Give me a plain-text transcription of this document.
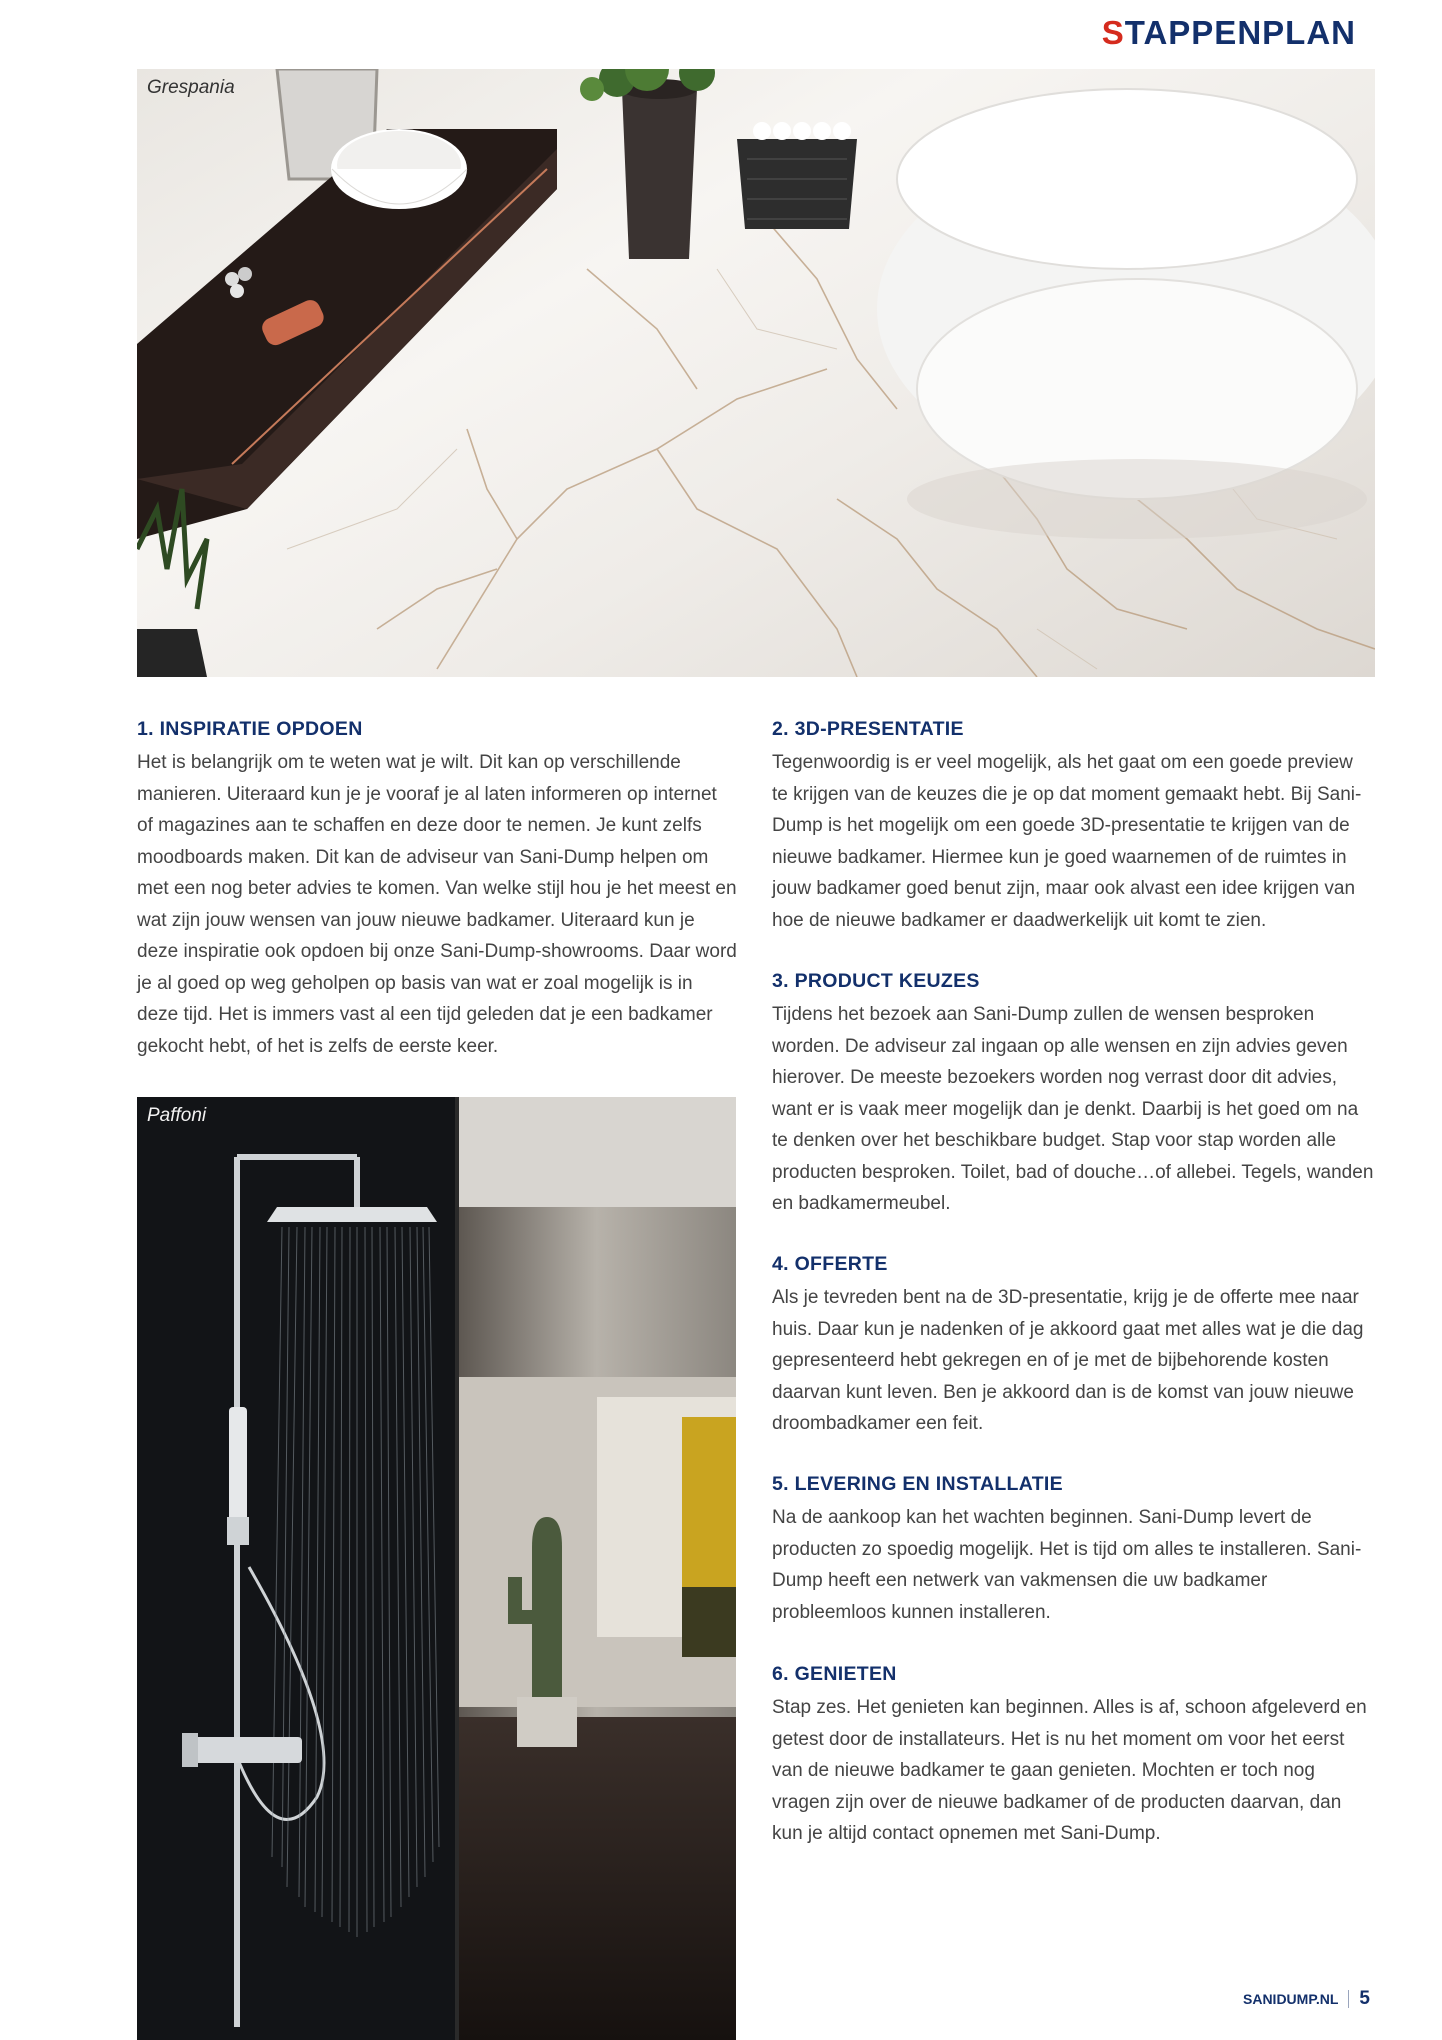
STAPPENPLAN
Grespania
Paffoni
1. INSPIRATIE OPDOEN

Het is belangrijk om te weten wat je wilt. Dit kan op verschillende manieren. Uiteraard kun je je vooraf je al laten informeren op internet of magazines aan te schaffen en deze door te nemen. Je kunt zelfs moodboards maken. Dit kan de adviseur van Sani-Dump helpen om met een nog beter advies te komen. Van welke stijl hou je het meest en wat zijn jouw wensen van jouw nieuwe badkamer. Uiteraard kun je deze inspiratie ook opdoen bij onze Sani-Dump-showrooms. Daar word je al goed op weg geholpen op basis van wat er zoal mogelijk is in deze tijd. Het is immers vast al een tijd geleden dat je een badkamer gekocht hebt, of het is zelfs de eerste keer.

2. 3D-PRESENTATIE

Tegenwoordig is er veel mogelijk, als het gaat om een goede preview te krijgen van de keuzes die je op dat moment gemaakt hebt. Bij Sani-Dump is het mogelijk om een goede 3D-presentatie te krijgen van de nieuwe badkamer. Hiermee kun je goed waarnemen of de ruimtes in jouw badkamer goed benut zijn, maar ook alvast een idee krijgen van hoe de nieuwe badkamer er daadwerkelijk uit komt te zien.

3. PRODUCT KEUZES

Tijdens het bezoek aan Sani-Dump zullen de wensen besproken worden. De adviseur zal ingaan op alle wensen en zijn advies geven hierover. De meeste bezoekers worden nog verrast door dit advies, want er is vaak meer mogelijk dan je denkt. Daarbij is het goed om na te denken over het beschikbare budget. Stap voor stap worden alle producten besproken. Toilet, bad of douche…of allebei. Tegels, wanden en badkamermeubel.

4. OFFERTE

Als je tevreden bent na de 3D-presentatie, krijg je de offerte mee naar huis. Daar kun je nadenken of je akkoord gaat met alles wat je die dag gepresenteerd hebt gekregen en of je met de bijbehorende kosten daarvan kunt leven. Ben je akkoord dan is de komst van jouw nieuwe droombadkamer een feit.

5. LEVERING EN INSTALLATIE

Na de aankoop kan het wachten beginnen. Sani-Dump levert de producten zo spoedig mogelijk. Het is tijd om alles te installeren. Sani-Dump heeft een netwerk van vakmensen die uw badkamer probleemloos kunnen installeren.

6. GENIETEN

Stap zes. Het genieten kan beginnen. Alles is af, schoon afgeleverd en getest door de installateurs. Het is nu het moment om voor het eerst van de nieuwe badkamer te gaan genieten. Mochten er toch nog vragen zijn over de nieuwe badkamer of de producten daarvan, dan kun je altijd contact opnemen met Sani-Dump.

SANIDUMP.NL 5
